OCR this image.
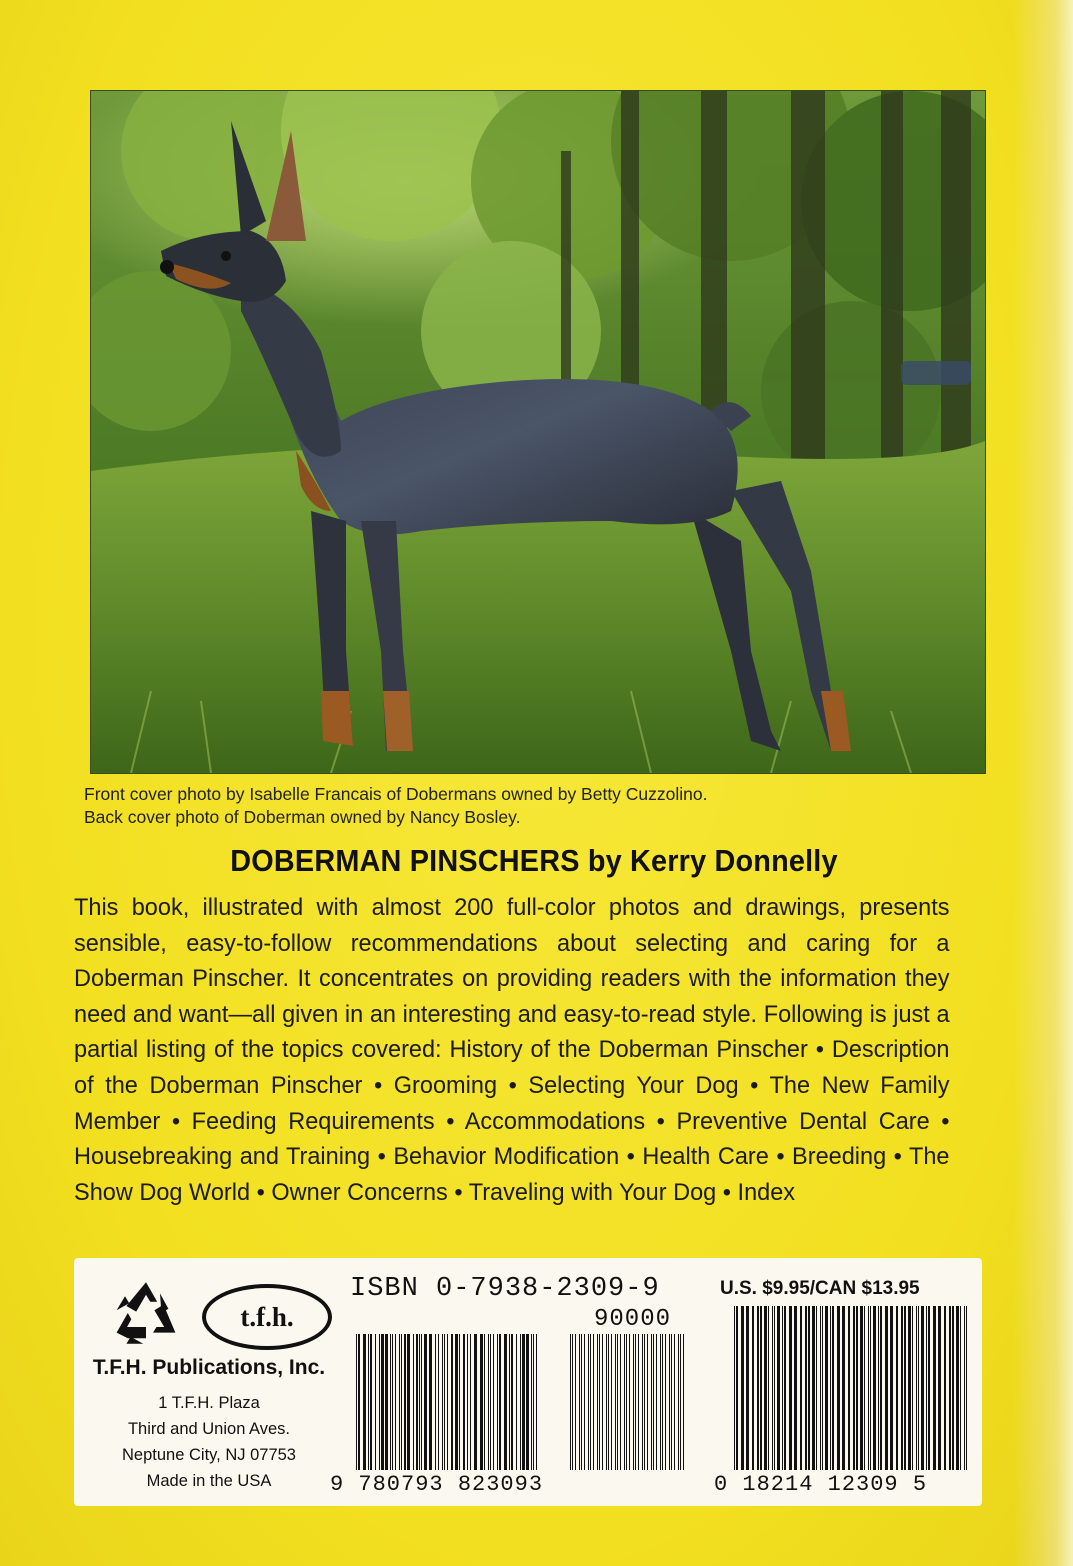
Front cover photo by Isabelle Francais of Dobermans owned by Betty Cuzzolino.
Back cover photo of Doberman owned by Nancy Bosley.
DOBERMAN PINSCHERS by Kerry Donnelly
This book, illustrated with almost 200 full-color photos and drawings, presents sensible, easy-to-follow recommendations about selecting and caring for a Doberman Pinscher. It concentrates on providing readers with the information they need and want—all given in an interesting and easy-to-read style. Following is just a partial listing of the topics covered: History of the Doberman Pinscher • Description of the Doberman Pinscher • Grooming • Selecting Your Dog • The New Family Member • Feeding Requirements • Accommodations • Preventive Dental Care • Housebreaking and Training • Behavior Modification • Health Care • Breeding • The Show Dog World • Owner Concerns • Traveling with Your Dog • Index
t.f.h.
T.F.H. Publications, Inc.
1 T.F.H. Plaza
Third and Union Aves.
Neptune City, NJ 07753
Made in the USA
ISBN 0-7938-2309-9
90000
U.S. $9.95/CAN $13.95
9 780793 823093	0 18214 12309 5
